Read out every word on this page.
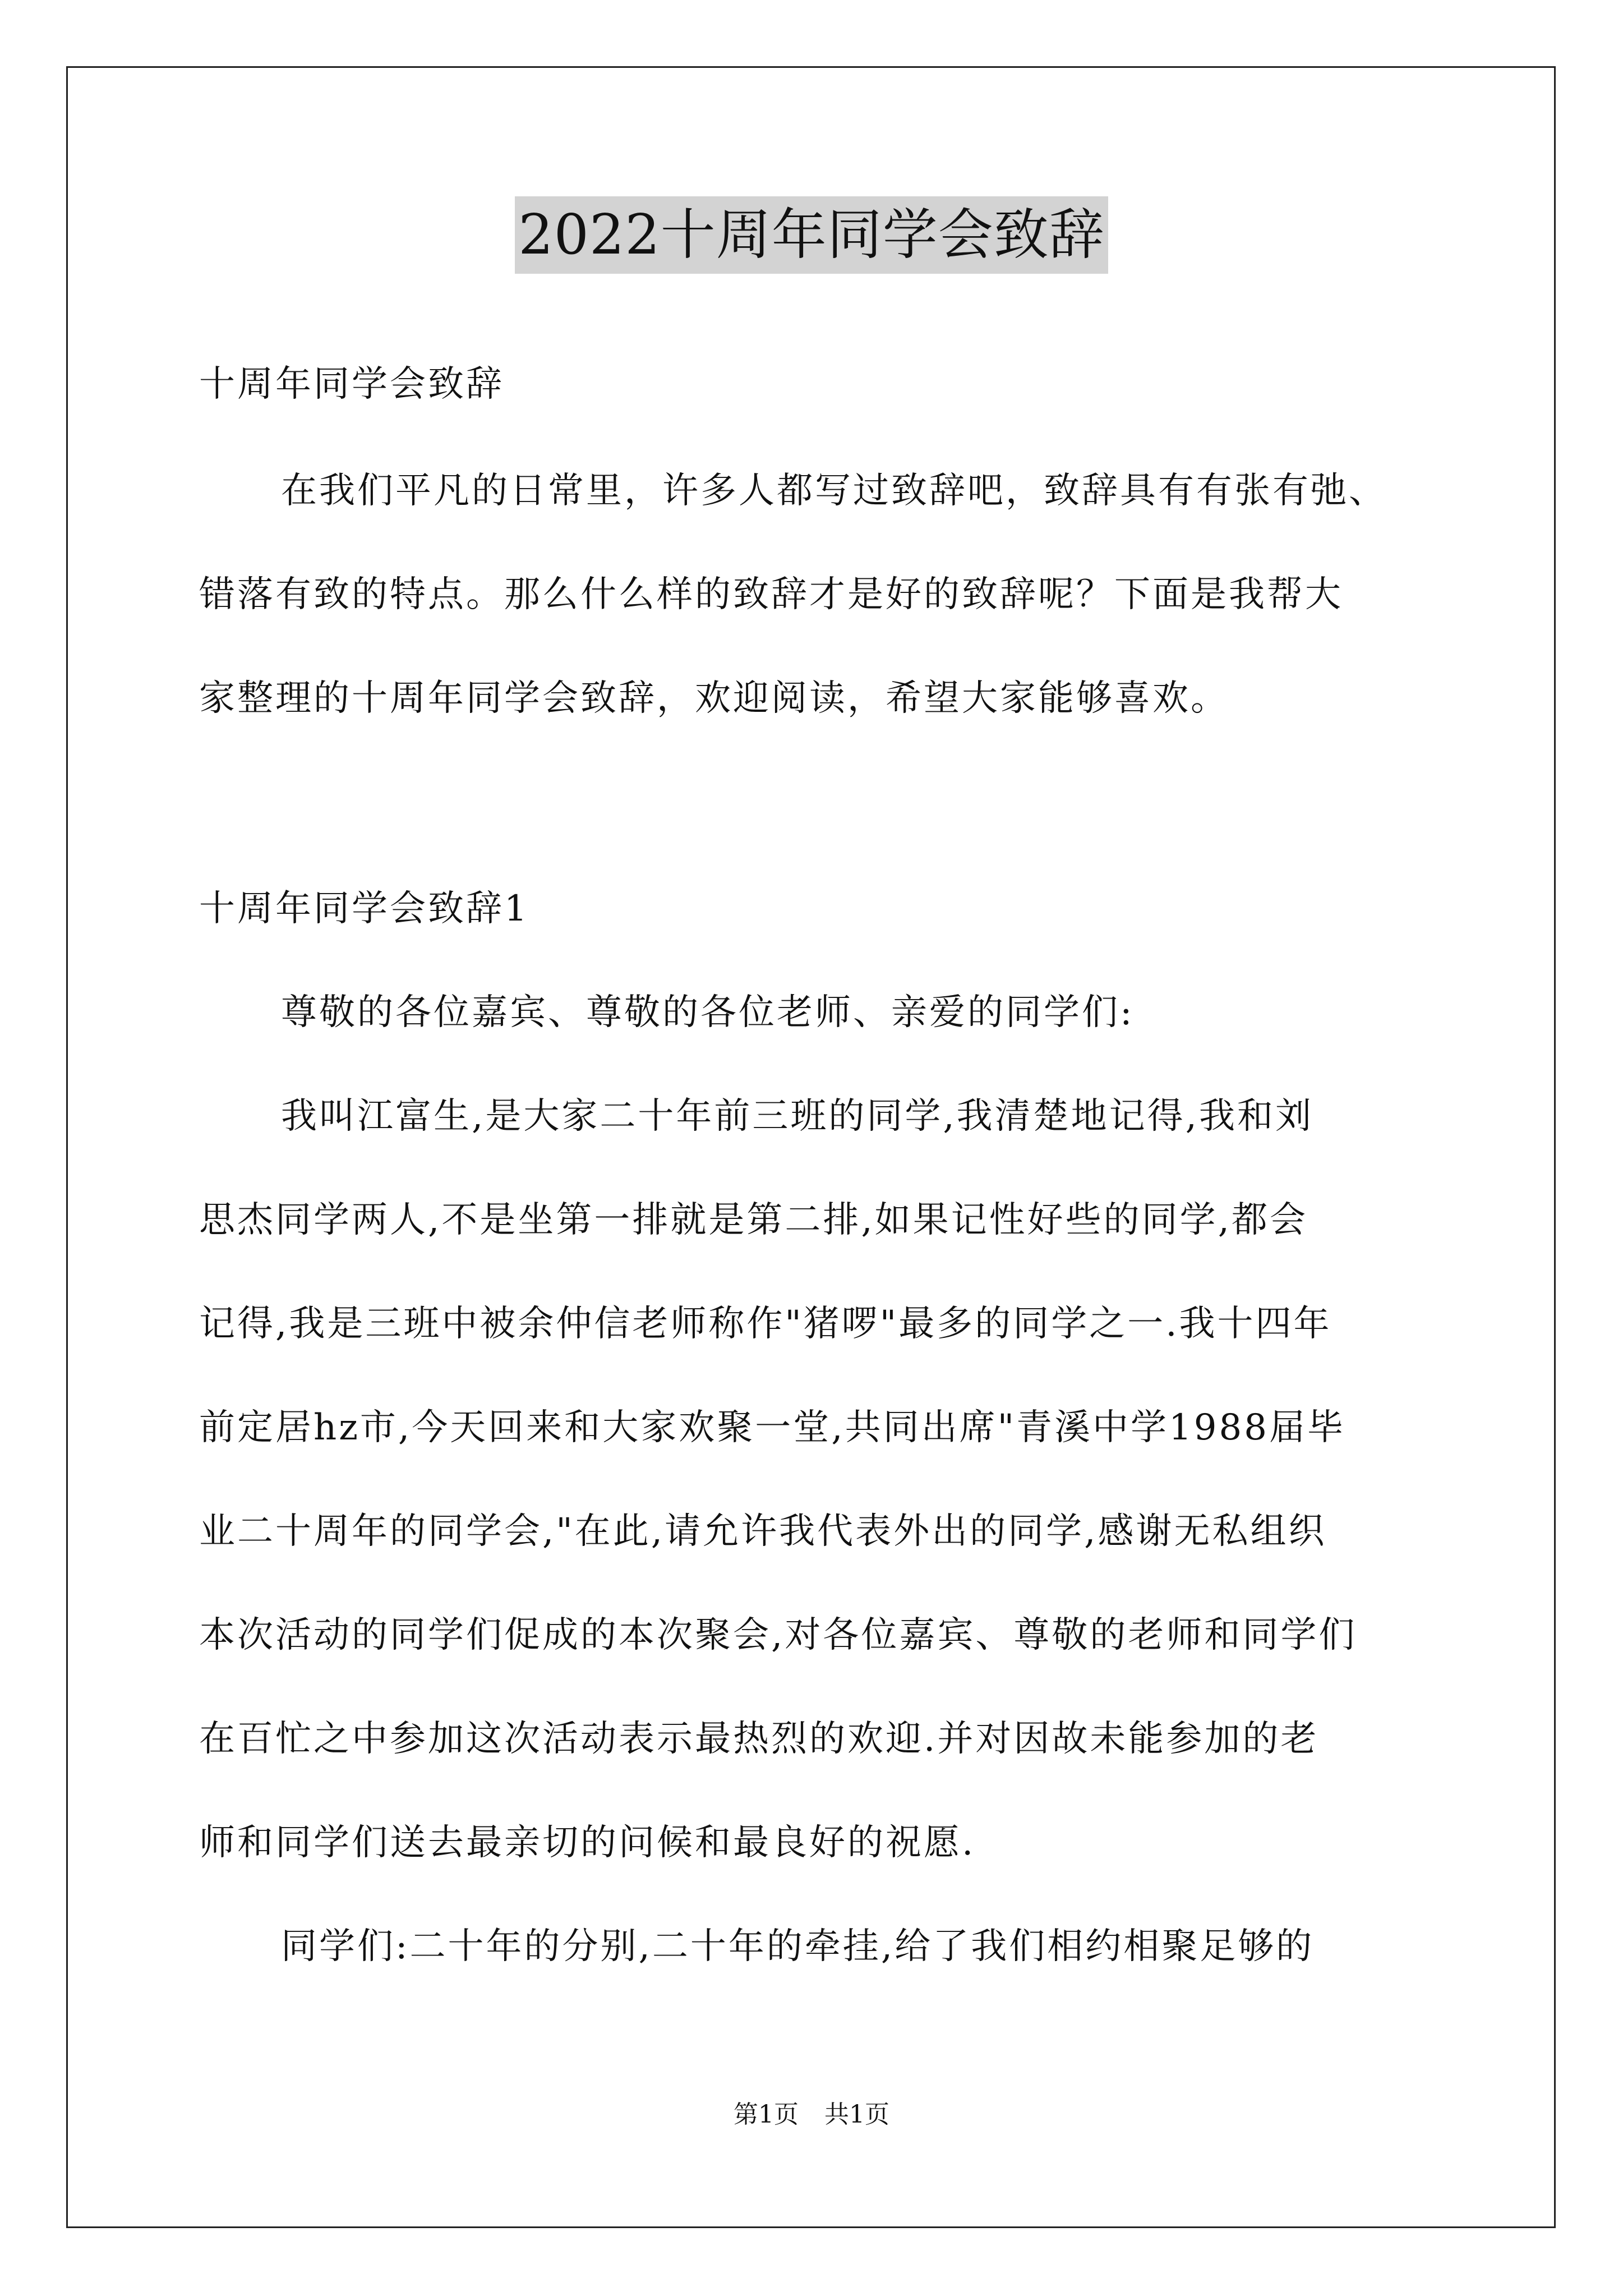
2022十周年同学会致辞
十周年同学会致辞
在我们平凡的日常里，许多人都写过致辞吧，致辞具有有张有弛、
错落有致的特点。那么什么样的致辞才是好的致辞呢？下面是我帮大
家整理的十周年同学会致辞，欢迎阅读，希望大家能够喜欢。
十周年同学会致辞1
尊敬的各位嘉宾、尊敬的各位老师、亲爱的同学们:
我叫江富生,是大家二十年前三班的同学,我清楚地记得,我和刘
思杰同学两人,不是坐第一排就是第二排,如果记性好些的同学,都会
记得,我是三班中被余仲信老师称作"猪啰"最多的同学之一.我十四年
前定居hz市,今天回来和大家欢聚一堂,共同出席"青溪中学1988届毕
业二十周年的同学会,"在此,请允许我代表外出的同学,感谢无私组织
本次活动的同学们促成的本次聚会,对各位嘉宾、尊敬的老师和同学们
在百忙之中参加这次活动表示最热烈的欢迎.并对因故未能参加的老
师和同学们送去最亲切的问候和最良好的祝愿.
同学们:二十年的分别,二十年的牵挂,给了我们相约相聚足够的
第1页 共1页
